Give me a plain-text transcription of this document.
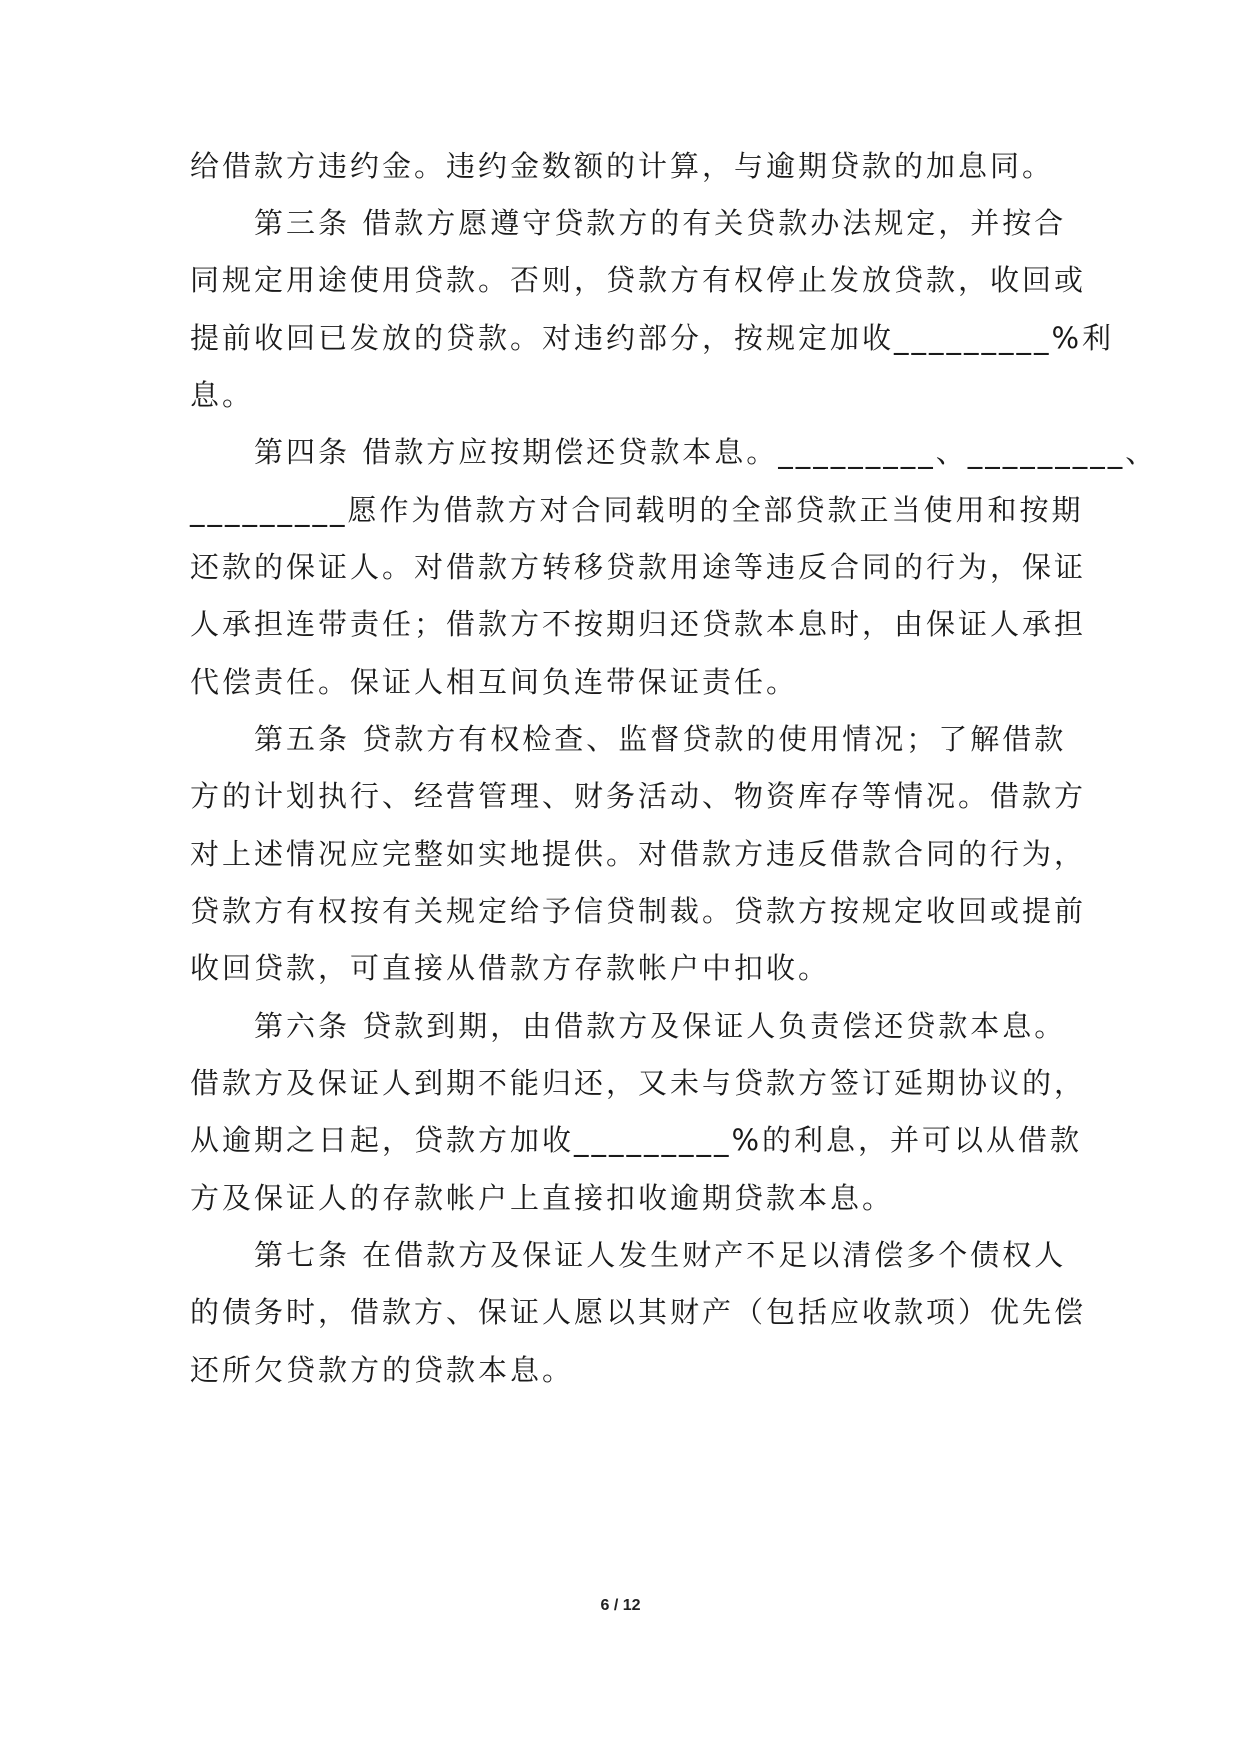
给借款方违约金。违约金数额的计算，与逾期贷款的加息同。
　　第三条 借款方愿遵守贷款方的有关贷款办法规定，并按合
同规定用途使用贷款。否则，贷款方有权停止发放贷款，收回或
提前收回已发放的贷款。对违约部分，按规定加收_________%利
息。
　　第四条 借款方应按期偿还贷款本息。_________、_________、
_________愿作为借款方对合同载明的全部贷款正当使用和按期
还款的保证人。对借款方转移贷款用途等违反合同的行为，保证
人承担连带责任；借款方不按期归还贷款本息时，由保证人承担
代偿责任。保证人相互间负连带保证责任。
　　第五条 贷款方有权检查、监督贷款的使用情况；了解借款
方的计划执行、经营管理、财务活动、物资库存等情况。借款方
对上述情况应完整如实地提供。对借款方违反借款合同的行为，
贷款方有权按有关规定给予信贷制裁。贷款方按规定收回或提前
收回贷款，可直接从借款方存款帐户中扣收。
　　第六条 贷款到期，由借款方及保证人负责偿还贷款本息。
借款方及保证人到期不能归还，又未与贷款方签订延期协议的，
从逾期之日起，贷款方加收_________%的利息，并可以从借款
方及保证人的存款帐户上直接扣收逾期贷款本息。
　　第七条 在借款方及保证人发生财产不足以清偿多个债权人
的债务时，借款方、保证人愿以其财产（包括应收款项）优先偿
还所欠贷款方的贷款本息。
6 / 12
